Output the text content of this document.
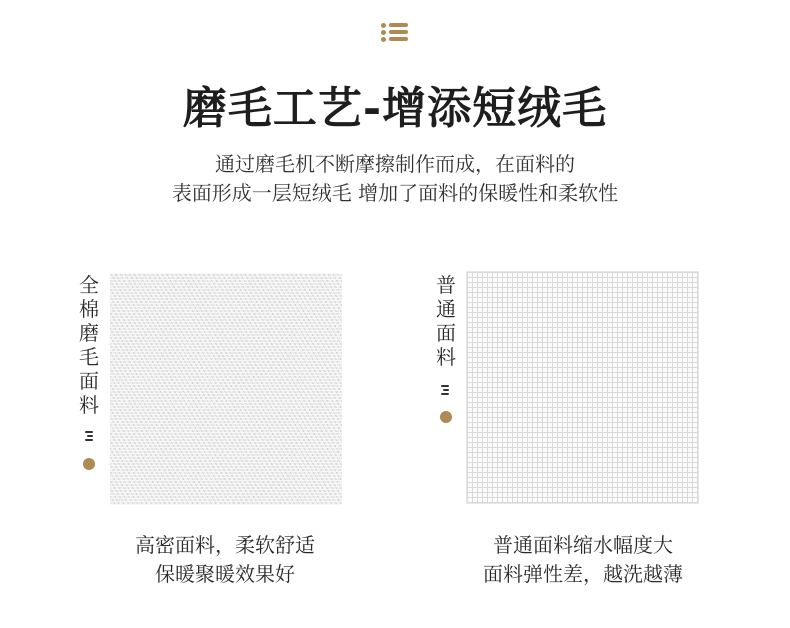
磨毛工艺-增添短绒毛
通过磨毛机不断摩擦制作而成，在面料的
表面形成一层短绒毛 增加了面料的保暖性和柔软性
全棉磨毛面料
高密面料，柔软舒适
保暖聚暖效果好
普通面料
普通面料缩水幅度大
面料弹性差，越洗越薄
